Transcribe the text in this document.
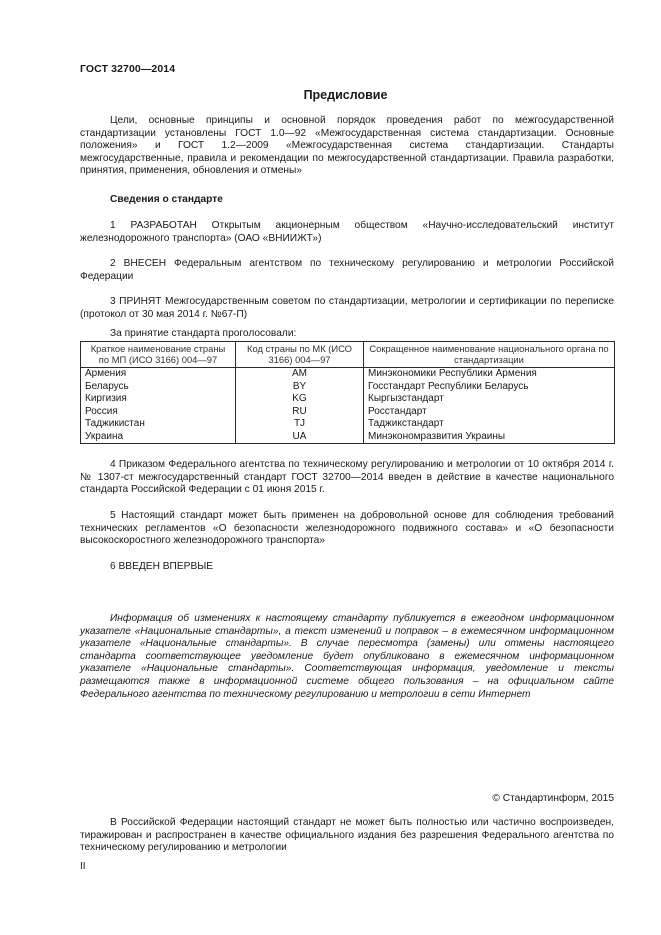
ГОСТ 32700—2014
Предисловие

Цели, основные принципы и основной порядок проведения работ по межгосударственной стандартизации установлены ГОСТ 1.0—92 «Межгосударственная система стандартизации. Основные положения» и ГОСТ 1.2—2009 «Межгосударственная система стандартизации. Стандарты межгосударственные, правила и рекомендации по межгосударственной стандартизации. Правила разработки, принятия, применения, обновления и отмены»

Сведения о стандарте

1 РАЗРАБОТАН Открытым акционерным обществом «Научно-исследовательский институт железнодорожного транспорта» (ОАО «ВНИИЖТ»)

2 ВНЕСЕН Федеральным агентством по техническому регулированию и метрологии Российской Федерации

3 ПРИНЯТ Межгосударственным советом по стандартизации, метрологии и сертификации по переписке (протокол от 30 мая 2014 г. №67-П)

За принятие стандарта проголосовали:
Краткое наименование страны по МП (ИСО 3166) 004—97	Код страны по МК (ИСО 3166) 004—97	Сокращенное наименование национального органа по стандартизации
Армения	AM	Минэкономики Республики Армения
Беларусь	BY	Госстандарт Республики Беларусь
Киргизия	KG	Кыргызстандарт
Россия	RU	Росстандарт
Таджикистан	TJ	Таджикстандарт
Украина	UA	Минэкономразвития Украины

4 Приказом Федерального агентства по техническому регулированию и метрологии от 10 октября 2014 г. № 1307-ст межгосударственный стандарт ГОСТ 32700—2014 введен в действие в качестве национального стандарта Российской Федерации с 01 июня 2015 г.

5 Настоящий стандарт может быть применен на добровольной основе для соблюдения требований технических регламентов «О безопасности железнодорожного подвижного состава» и «О безопасности высокоскоростного железнодорожного транспорта»

6 ВВЕДЕН ВПЕРВЫЕ

Информация об изменениях к настоящему стандарту публикуется в ежегодном информационном указателе «Национальные стандарты», а текст изменений и поправок – в ежемесячном информационном указателе «Национальные стандарты». В случае пересмотра (замены) или отмены настоящего стандарта соответствующее уведомление будет опубликовано в ежемесячном информационном указателе «Национальные стандарты». Соответствующая информация, уведомление и тексты размещаются также в информационной системе общего пользования – на официальном сайте Федерального агентства по техническому регулированию и метрологии в сети Интернет

© Стандартинформ, 2015

В Российской Федерации настоящий стандарт не может быть полностью или частично воспроизведен, тиражирован и распространен в качестве официального издания без разрешения Федерального агентства по техническому регулированию и метрологии

II
